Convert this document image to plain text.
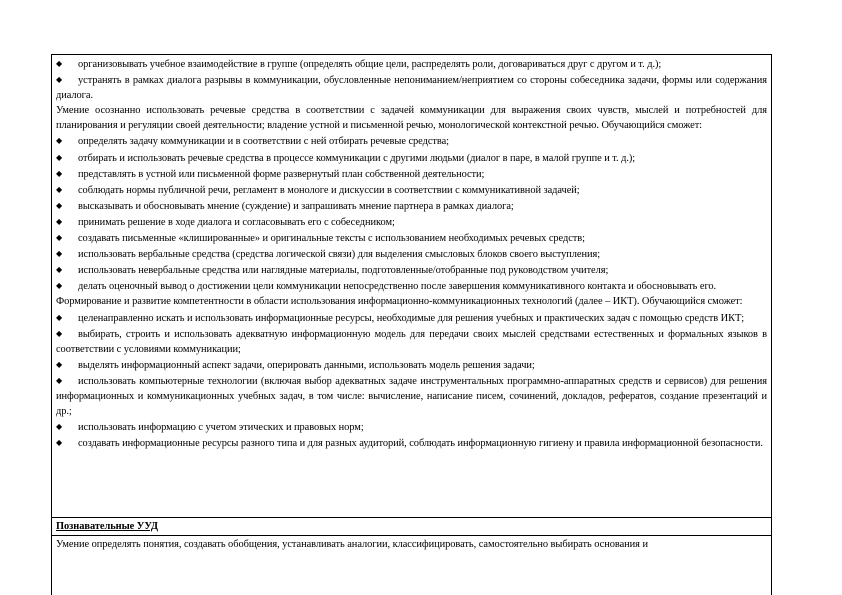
◆ организовывать учебное взаимодействие в группе (определять общие цели, распределять роли, договариваться друг с другом и т. д.);

◆ устранять в рамках диалога разрывы в коммуникации, обусловленные непониманием/неприятием со стороны собеседника задачи, формы или содержания диалога.

Умение осознанно использовать речевые средства в соответствии с задачей коммуникации для выражения своих чувств, мыслей и потребностей для планирования и регуляции своей деятельности; владение устной и письменной речью, монологической контекстной речью. Обучающийся сможет:

◆ определять задачу коммуникации и в соответствии с ней отбирать речевые средства;

◆ отбирать и использовать речевые средства в процессе коммуникации с другими людьми (диалог в паре, в малой группе и т. д.);

◆ представлять в устной или письменной форме развернутый план собственной деятельности;

◆ соблюдать нормы публичной речи, регламент в монологе и дискуссии в соответствии с коммуникативной задачей;

◆ высказывать и обосновывать мнение (суждение) и запрашивать мнение партнера в рамках диалога;

◆ принимать решение в ходе диалога и согласовывать его с собеседником;

◆ создавать письменные «клишированные» и оригинальные тексты с использованием необходимых речевых средств;

◆ использовать вербальные средства (средства логической связи) для выделения смысловых блоков своего выступления;

◆ использовать невербальные средства или наглядные материалы, подготовленные/отобранные под руководством учителя;

◆ делать оценочный вывод о достижении цели коммуникации непосредственно после завершения коммуникативного контакта и обосновывать его.

Формирование и развитие компетентности в области использования информационно-коммуникационных технологий (далее – ИКТ). Обучающийся сможет:

◆ целенаправленно искать и использовать информационные ресурсы, необходимые для решения учебных и практических задач с помощью средств ИКТ;

◆ выбирать, строить и использовать адекватную информационную модель для передачи своих мыслей средствами естественных и формальных языков в соответствии с условиями коммуникации;

◆ выделять информационный аспект задачи, оперировать данными, использовать модель решения задачи;

◆ использовать компьютерные технологии (включая выбор адекватных задаче инструментальных программно-аппаратных средств и сервисов) для решения информационных и коммуникационных учебных задач, в том числе: вычисление, написание писем, сочинений, докладов, рефератов, создание презентаций и др.;

◆ использовать информацию с учетом этических и правовых норм;

◆ создавать информационные ресурсы разного типа и для разных аудиторий, соблюдать информационную гигиену и правила информационной безопасности.

Познавательные УУД

Умение определять понятия, создавать обобщения, устанавливать аналогии, классифицировать, самостоятельно выбирать основания и
